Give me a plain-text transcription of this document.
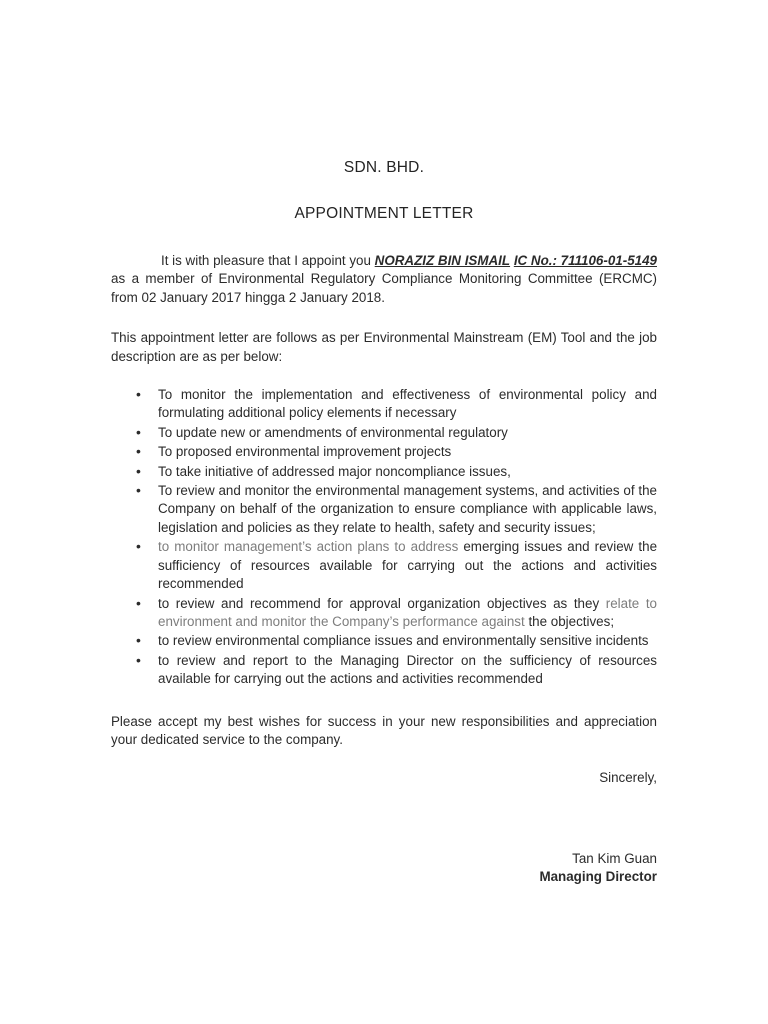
SDN. BHD.
APPOINTMENT LETTER

It is with pleasure that I appoint you NORAZIZ BIN ISMAIL IC No.: 711106-01-5149 as a member of Environmental Regulatory Compliance Monitoring Committee (ERCMC) from 02 January 2017 hingga 2 January 2018.

This appointment letter are follows as per Environmental Mainstream (EM) Tool and the job description are as per below:

• To monitor the implementation and effectiveness of environmental policy and formulating additional policy elements if necessary
• To update new or amendments of environmental regulatory
• To proposed environmental improvement projects
• To take initiative of addressed major noncompliance issues,
• To review and monitor the environmental management systems, and activities of the Company on behalf of the organization to ensure compliance with applicable laws, legislation and policies as they relate to health, safety and security issues;
• to monitor management’s action plans to address emerging issues and review the sufficiency of resources available for carrying out the actions and activities recommended
• to review and recommend for approval organization objectives as they relate to environment and monitor the Company’s performance against the objectives;
• to review environmental compliance issues and environmentally sensitive incidents
• to review and report to the Managing Director on the sufficiency of resources available for carrying out the actions and activities recommended

Please accept my best wishes for success in your new responsibilities and appreciation your dedicated service to the company.

Sincerely,
Tan Kim Guan
Managing Director
